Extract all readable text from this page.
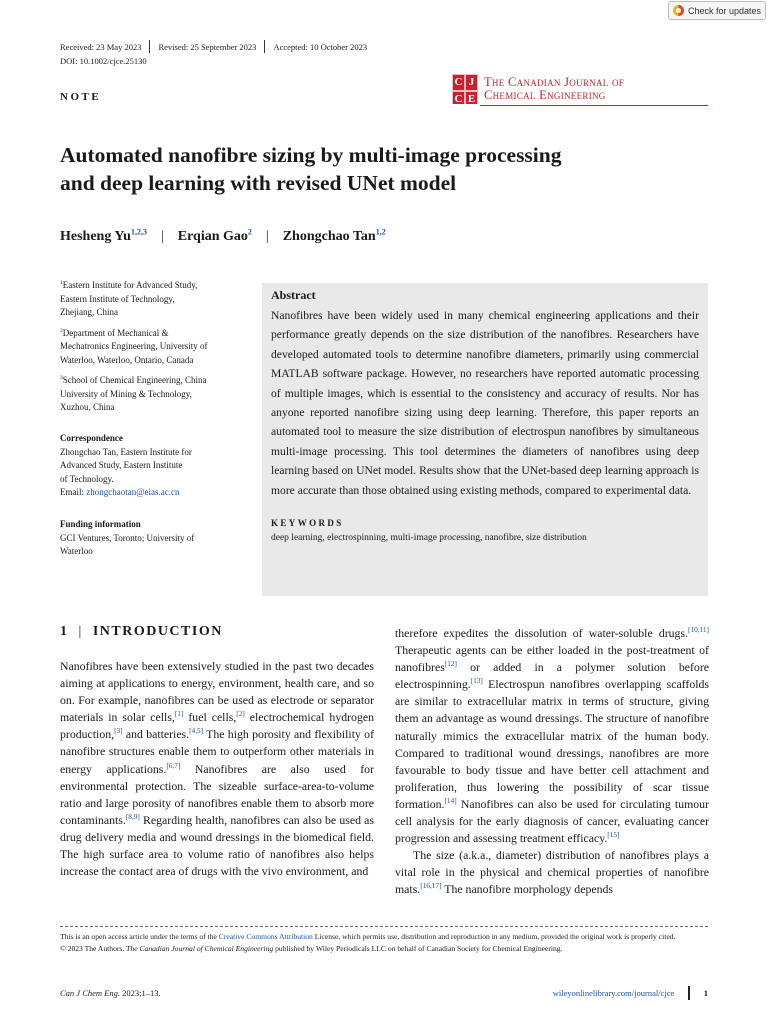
Check for updates
Received: 23 May 2023 Revised: 25 September 2023 Accepted: 10 October 2023
DOI: 10.1002/cjce.25130
NOTE
C J
C E
The Canadian Journal of
Chemical Engineering
Automated nanofibre sizing by multi-image processing
and deep learning with revised UNet model
Hesheng Yu$^{1,2,3}$ | Erqian Gao$^2$ | Zhongchao Tan$^{1,2}$

$^1$Eastern Institute for Advanced Study,
Eastern Institute of Technology,
Zhejiang, China

$^2$Department of Mechanical &
Mechatronics Engineering, University of
Waterloo, Waterloo, Ontario, Canada

$^3$School of Chemical Engineering, China
University of Mining & Technology,
Xuzhou, China

Correspondence
Zhongchao Tan, Eastern Institute for
Advanced Study, Eastern Institute
of Technology.
Email: zhongchaotan@eias.ac.cn
Funding information
GCI Ventures, Toronto; University of
Waterloo
Abstract

Nanofibres have been widely used in many chemical engineering applications and their performance greatly depends on the size distribution of the nanofibres. Researchers have developed automated tools to determine nanofibre diameters, primarily using commercial MATLAB software package. However, no researchers have reported automatic processing of multiple images, which is essential to the consistency and accuracy of results. Nor has anyone reported nanofibre sizing using deep learning. Therefore, this paper reports an automated tool to measure the size distribution of electrospun nanofibres by simultaneous multi-image processing. This tool determines the diameters of nanofibres using deep learning based on UNet model. Results show that the UNet-based deep learning approach is more accurate than those obtained using existing methods, compared to experimental data.

KEYWORDS
deep learning, electrospinning, multi-image processing, nanofibre, size distribution
1 | INTRODUCTION

Nanofibres have been extensively studied in the past two decades aiming at applications to energy, environment, health care, and so on. For example, nanofibres can be used as electrode or separator materials in solar cells,[1] fuel cells,[2] electrochemical hydrogen production,[3] and batteries.[4,5] The high porosity and flexibility of nanofibre structures enable them to outperform other materials in energy applications.[6,7] Nanofibres are also used for environmental protection. The sizeable surface-area-to-volume ratio and large porosity of nanofibres enable them to absorb more contaminants.[8,9] Regarding health, nanofibres can also be used as drug delivery media and wound dressings in the biomedical field. The high surface area to volume ratio of nanofibres also helps increase the contact area of drugs with the vivo environment, and

therefore expedites the dissolution of water-soluble drugs.[10,11] Therapeutic agents can be either loaded in the post-treatment of nanofibres[12] or added in a polymer solution before electrospinning.[13] Electrospun nanofibres overlapping scaffolds are similar to extracellular matrix in terms of structure, giving them an advantage as wound dressings. The structure of nanofibre naturally mimics the extracellular matrix of the human body. Compared to traditional wound dressings, nanofibres are more favourable to body tissue and have better cell attachment and proliferation, thus lowering the possibility of scar tissue formation.[14] Nanofibres can also be used for circulating tumour cell analysis for the early diagnosis of cancer, evaluating cancer progression and assessing treatment efficacy.[15]

The size (a.k.a., diameter) distribution of nanofibres plays a vital role in the physical and chemical properties of nanofibre mats.[16,17] The nanofibre morphology depends

This is an open access article under the terms of the Creative Commons Attribution License, which permits use, distribution and reproduction in any medium, provided the original work is properly cited.

© 2023 The Authors. The Canadian Journal of Chemical Engineering published by Wiley Periodicals LLC on behalf of Canadian Society for Chemical Engineering.

Can J Chem Eng. 2023;1–13.	wileyonlinelibrary.com/journal/cjce	1
